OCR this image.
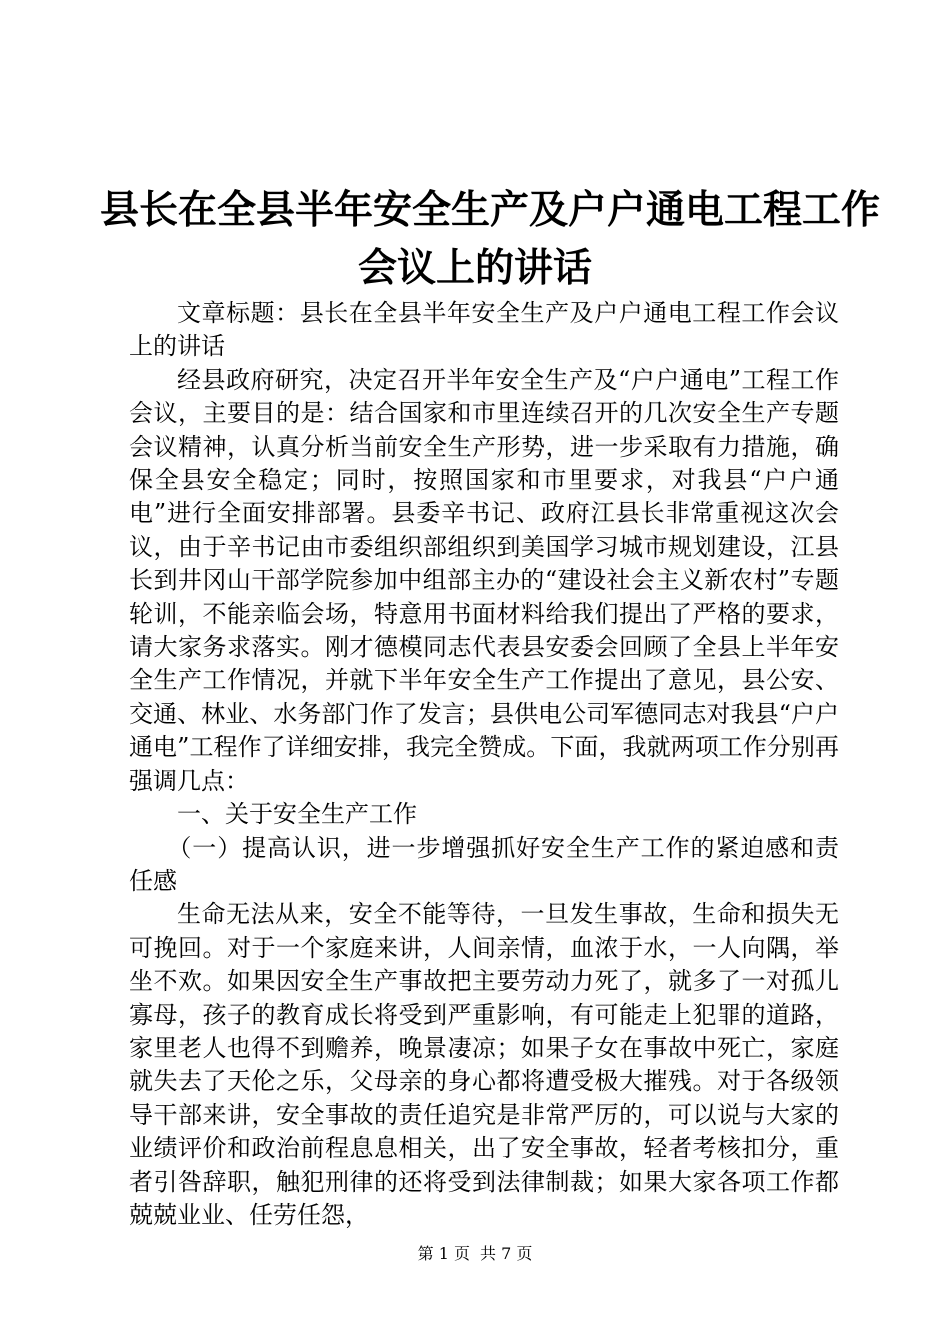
县长在全县半年安全生产及户户通电工程工作
会议上的讲话

文章标题：县长在全县半年安全生产及户户通电工程工作会议上的讲话

经县政府研究，决定召开半年安全生产及“户户通电”工程工作会议，主要目的是：结合国家和市里连续召开的几次安全生产专题会议精神，认真分析当前安全生产形势，进一步采取有力措施，确保全县安全稳定；同时，按照国家和市里要求，对我县“户户通电”进行全面安排部署。县委辛书记、政府江县长非常重视这次会议，由于辛书记由市委组织部组织到美国学习城市规划建设，江县长到井冈山干部学院参加中组部主办的“建设社会主义新农村”专题轮训，不能亲临会场，特意用书面材料给我们提出了严格的要求，请大家务求落实。刚才德模同志代表县安委会回顾了全县上半年安全生产工作情况，并就下半年安全生产工作提出了意见，县公安、交通、林业、水务部门作了发言；县供电公司军德同志对我县“户户通电”工程作了详细安排，我完全赞成。下面，我就两项工作分别再强调几点：

一、关于安全生产工作

（一）提高认识，进一步增强抓好安全生产工作的紧迫感和责任感

生命无法从来，安全不能等待，一旦发生事故，生命和损失无可挽回。对于一个家庭来讲，人间亲情，血浓于水，一人向隅，举坐不欢。如果因安全生产事故把主要劳动力死了，就多了一对孤儿寡母，孩子的教育成长将受到严重影响，有可能走上犯罪的道路，家里老人也得不到赡养，晚景凄凉；如果子女在事故中死亡，家庭就失去了天伦之乐，父母亲的身心都将遭受极大摧残。对于各级领导干部来讲，安全事故的责任追究是非常严厉的，可以说与大家的业绩评价和政治前程息息相关，出了安全事故，轻者考核扣分，重者引咎辞职，触犯刑律的还将受到法律制裁；如果大家各项工作都兢兢业业、任劳任怨，

第 1 页 共 7 页
